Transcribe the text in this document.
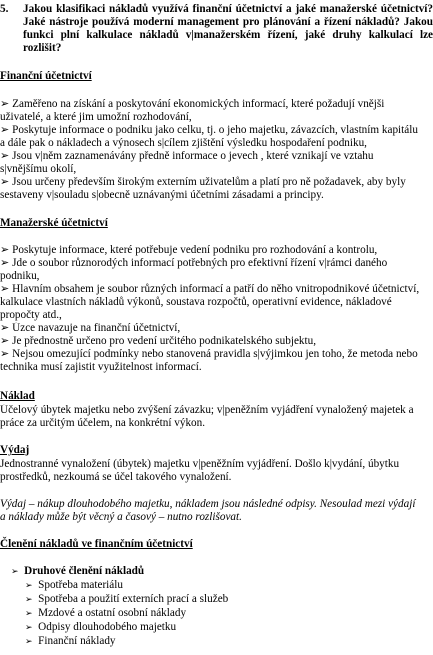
5. Jakou klasifikaci nákladů využívá finanční účetnictví a jaké manažerské účetnictví? Jaké nástroje používá moderní management pro plánování a řízení nákladů? Jakou funkci plní kalkulace nákladů v|manažerském řízení, jaké druhy kalkulací lze rozlišit?
Finanční účetnictví
➢ Zaměřeno na získání a poskytování ekonomických informací, které požadují vnějši
uživatelé, a které jim umožní rozhodování,
➢ Poskytuje informace o podniku jako celku, tj. o jeho majetku, závazcích, vlastním kapitálu
a dále pak o nákladech a výnosech s|cílem zjištění výsledku hospodaření podniku,
➢ Jsou v|něm zaznamenávány předně informace o jevech , které vznikají ve vztahu
s|vnějšímu okolí,
➢ Jsou určeny především širokým externím uživatelům a platí pro ně požadavek, aby byly
sestaveny v|souladu s|obecně uznávanými účetními zásadami a principy.
Manažerské účetnictví
➢ Poskytuje informace, které potřebuje vedení podniku pro rozhodování a kontrolu,
➢ Jde o soubor různorodých informací potřebných pro efektivní řízení v|rámci daného
podniku,
➢ Hlavním obsahem je soubor různých informací a patří do něho vnitropodnikové účetnictví,
kalkulace vlastních nákladů výkonů, soustava rozpočtů, operativní evidence, nákladové
propočty atd.,
➢ Úzce navazuje na finanční účetnictví,
➢ Je přednostně určeno pro vedení určitého podnikatelského subjektu,
➢ Nejsou omezující podmínky nebo stanovená pravidla s|výjimkou jen toho, že metoda nebo
technika musí zajistit využitelnost informací.
Náklad
Účelový úbytek majetku nebo zvýšení závazku; v|peněžním vyjádření vynaložený majetek a
práce za určitým účelem, na konkrétní výkon.
Výdaj
Jednostranné vynaložení (úbytek) majetku v|peněžním vyjádření. Došlo k|vydání, úbytku
prostředků, nezkoumá se účel takového vynaložení.
Výdaj – nákup dlouhodobého majetku, nákladem jsou následné odpisy. Nesoulad mezi výdají
a náklady může být věcný a časový – nutno rozlišovat.
Členění nákladů ve finančním účetnictví
➢ Druhové členění nákladů
➢ Spotřeba materiálu
➢ Spotřeba a použití externích prací a služeb
➢ Mzdové a ostatní osobní náklady
➢ Odpisy dlouhodobého majetku
➢ Finanční náklady
